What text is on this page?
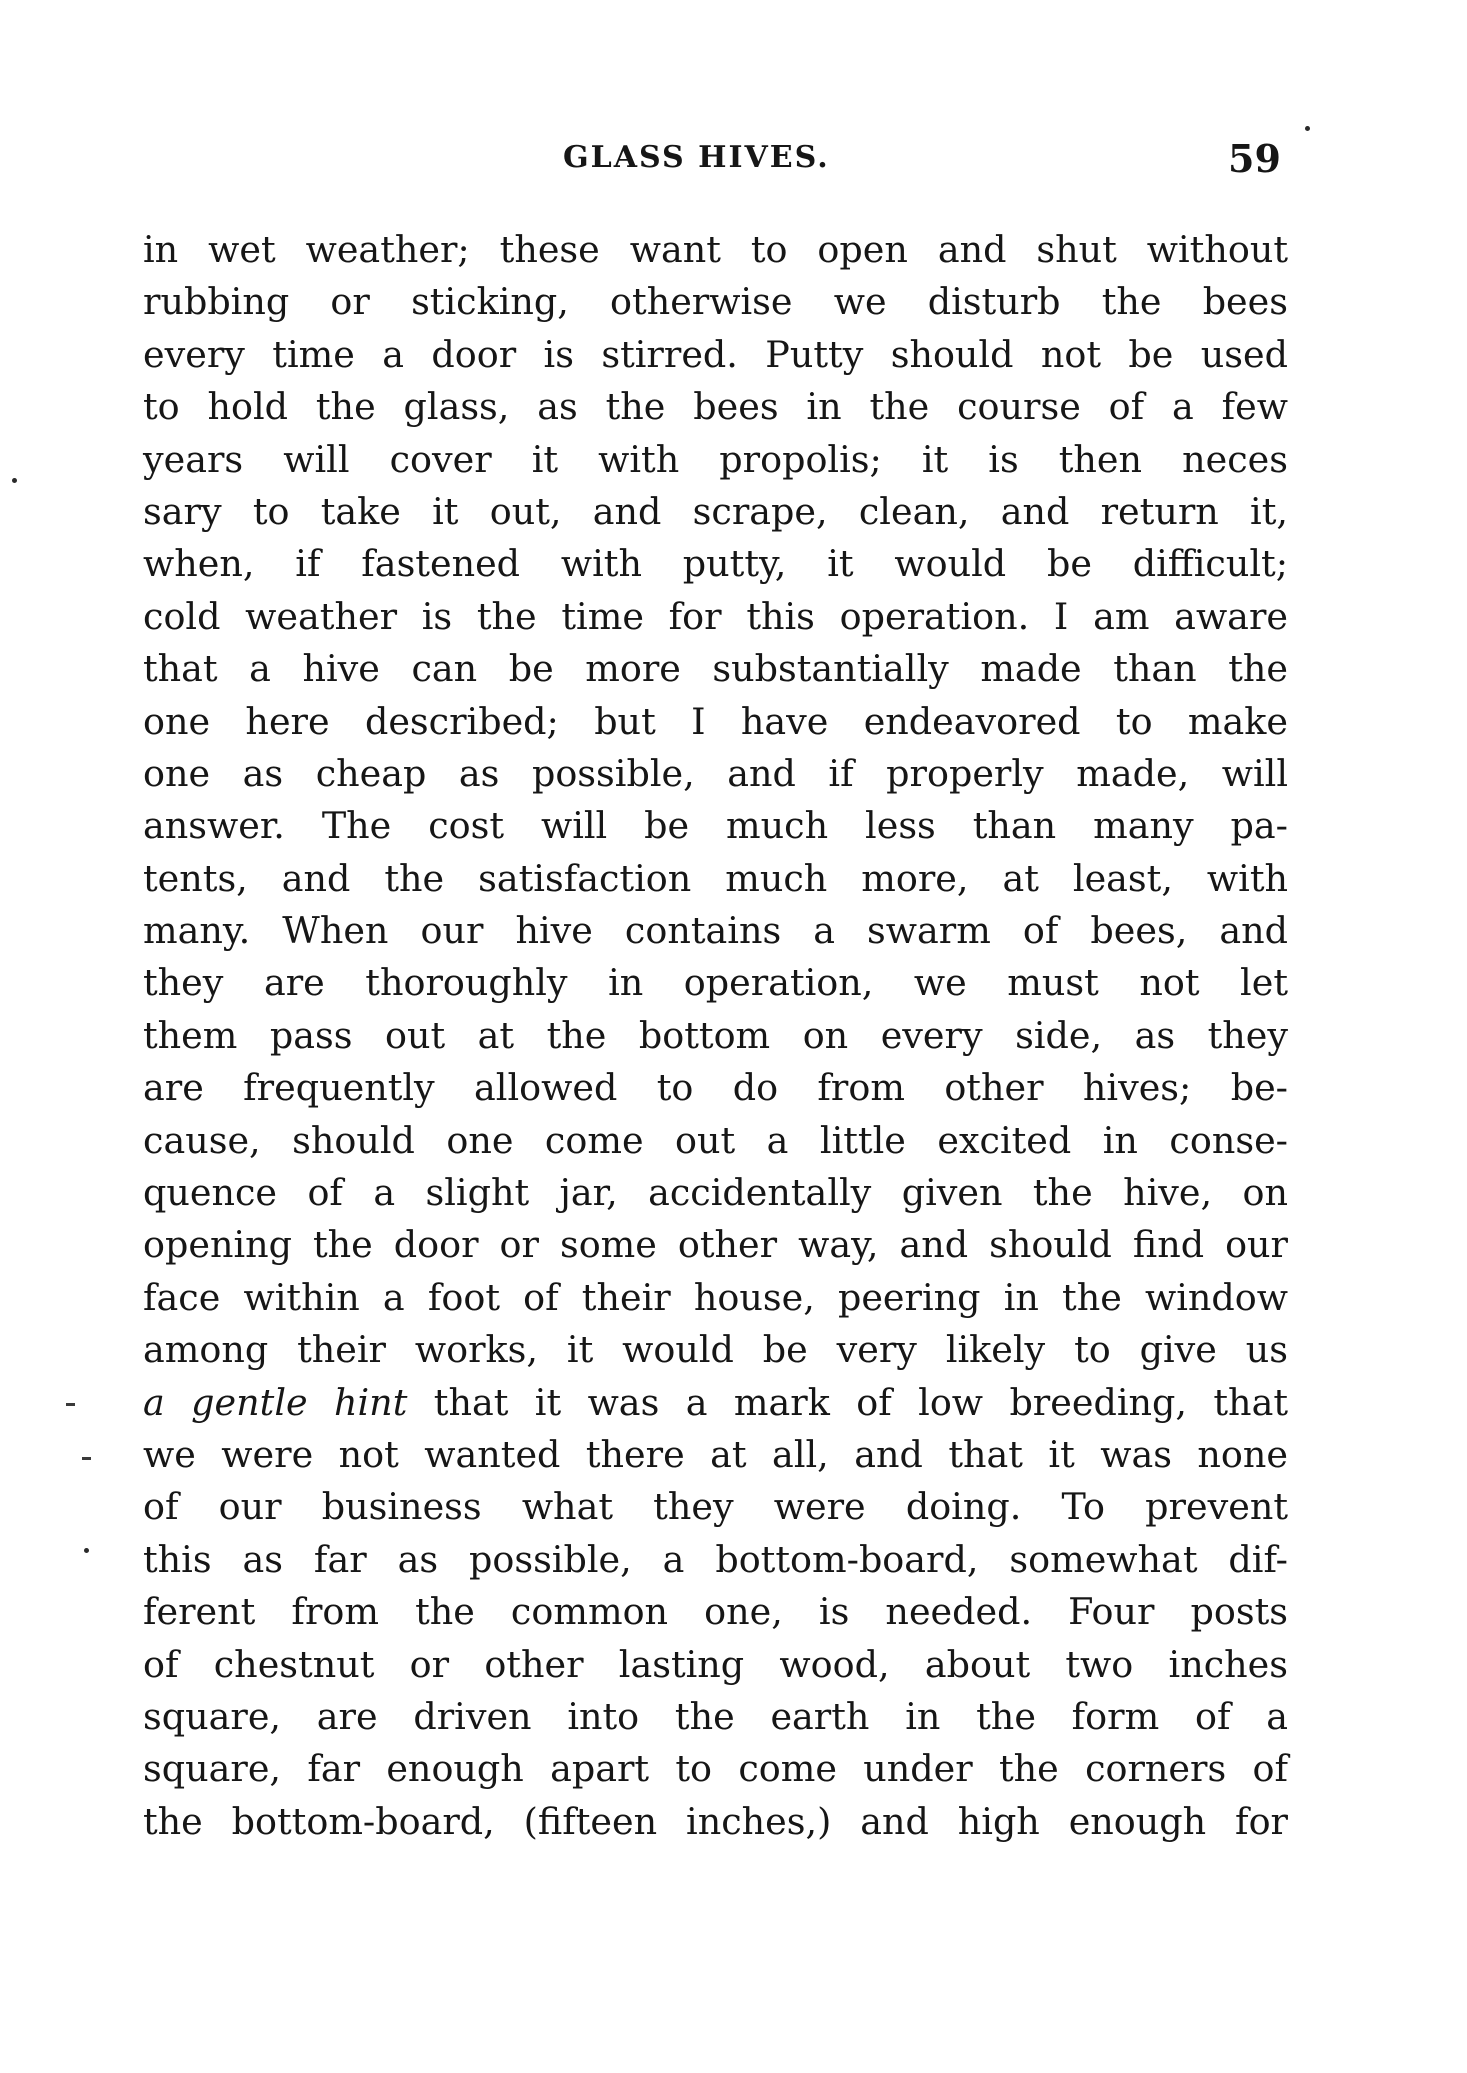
GLASS HIVES.	59
in wet weather; these want to open and shut without
rubbing or sticking, otherwise we disturb the bees
every time a door is stirred. Putty should not be used
to hold the glass, as the bees in the course of a few
years will cover it with propolis; it is then neces
sary to take it out, and scrape, clean, and return it,
when, if fastened with putty, it would be difficult;
cold weather is the time for this operation. I am aware
that a hive can be more substantially made than the
one here described; but I have endeavored to make
one as cheap as possible, and if properly made, will
answer. The cost will be much less than many pa-
tents, and the satisfaction much more, at least, with
many. When our hive contains a swarm of bees, and
they are thoroughly in operation, we must not let
them pass out at the bottom on every side, as they
are frequently allowed to do from other hives; be-
cause, should one come out a little excited in conse-
quence of a slight jar, accidentally given the hive, on
opening the door or some other way, and should find our
face within a foot of their house, peering in the window
among their works, it would be very likely to give us
a gentle hint that it was a mark of low breeding, that
we were not wanted there at all, and that it was none
of our business what they were doing. To prevent
this as far as possible, a bottom-board, somewhat dif-
ferent from the common one, is needed. Four posts
of chestnut or other lasting wood, about two inches
square, are driven into the earth in the form of a
square, far enough apart to come under the corners of
the bottom-board, (fifteen inches,) and high enough for
